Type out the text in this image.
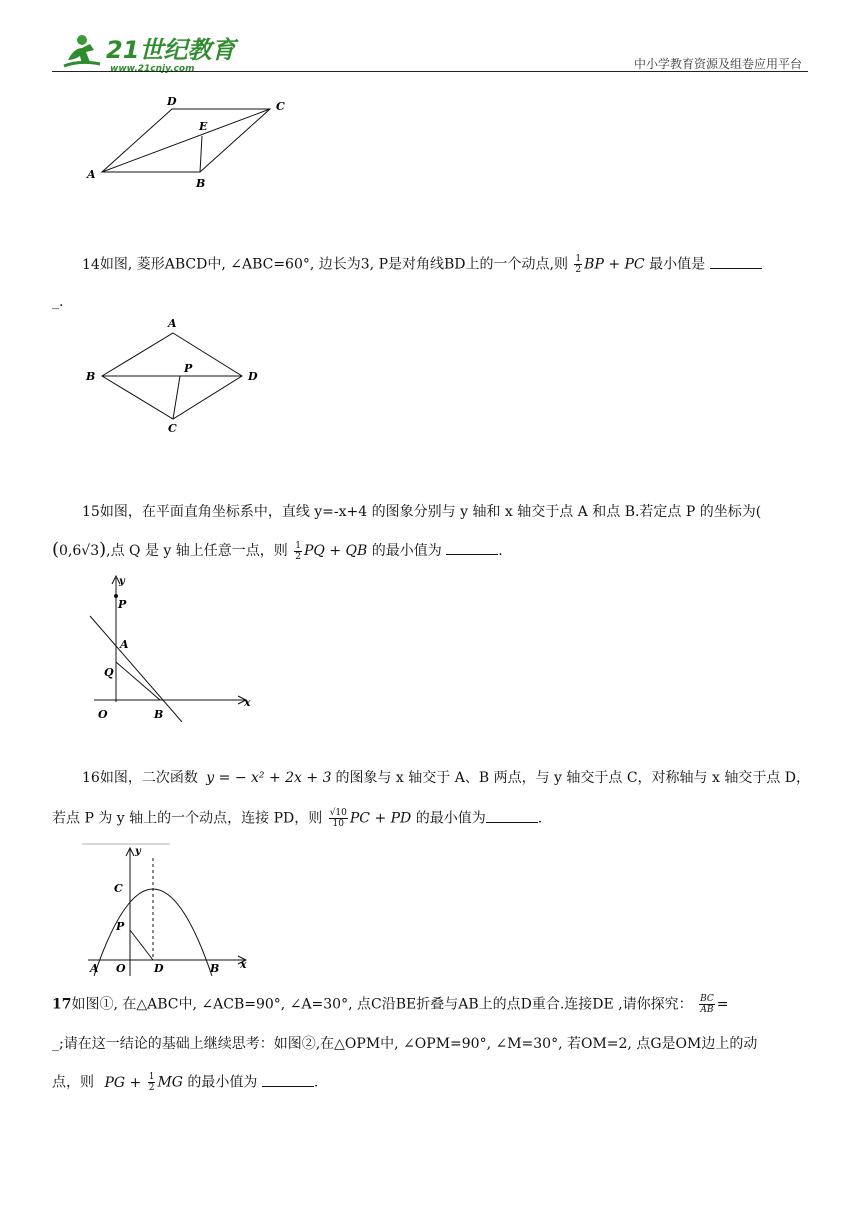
21世纪教育
www.21cnjy.com	中小学教育资源及组卷应用平台
D	C
E
A
B
14如图, 菱形ABCD中, ∠ABC=60°, 边长为3, P是对角线BD上的一个动点,则 $\frac{1}{2}$ BP + PC 最小值是
_.
A
B
P
D
C
15如图，在平面直角坐标系中，直线 y=-x+4 的图象分别与 y 轴和 x 轴交于点 A 和点 B.若定点 P 的坐标为(
(0,6√3),点 Q 是 y 轴上任意一点，则 $\frac{1}{2}$ PQ + QB 的最小值为	.
y
P
A
Q
O	B
x
16如图，二次函数 y = − x² + 2x + 3 的图象与 x 轴交于 A、B 两点，与 y 轴交于点 C，对称轴与 x 轴交于点 D，
若点 P 为 y 轴上的一个动点，连接 PD，则 $\frac{√10}{10}$ PC + PD 的最小值为	.
y
C
P
A O	D	B x
17如图①, 在△ABC中, ∠ACB=90°, ∠A=30°, 点C沿BE折叠与AB上的点D重合.连接DE ,请你探究： $\frac{BC}{AB}$ =
_;请在这一结论的基础上继续思考：如图②,在△OPM中, ∠OPM=90°, ∠M=30°, 若OM=2, 点G是OM边上的动
点，则 PG + $\frac{1}{2}$ MG 的最小值为	.
